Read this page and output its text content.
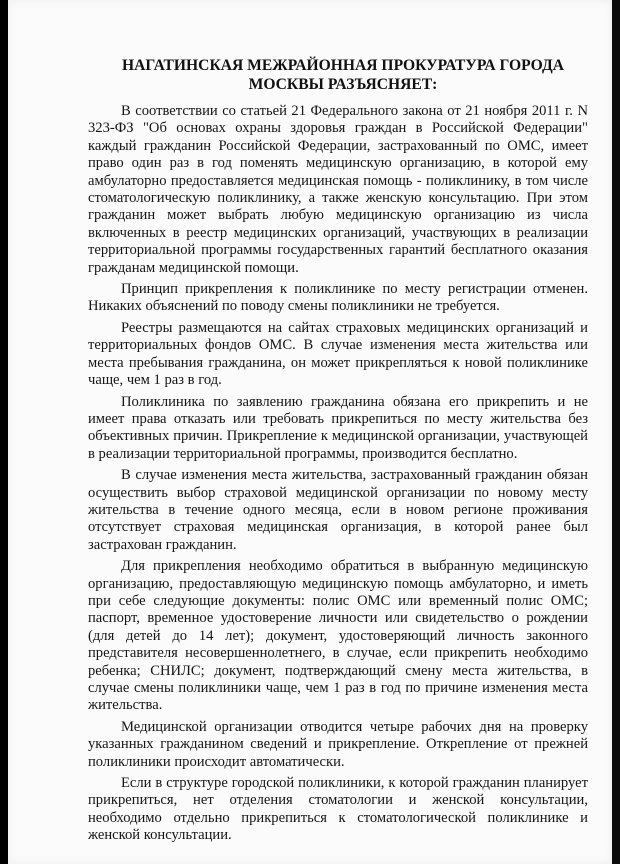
НАГАТИНСКАЯ МЕЖРАЙОННАЯ ПРОКУРАТУРА ГОРОДА МОСКВЫ РАЗЪЯСНЯЕТ:

В соответствии со статьей 21 Федерального закона от 21 ноября 2011 г. N 323-ФЗ "Об основах охраны здоровья граждан в Российской Федерации" каждый гражданин Российской Федерации, застрахованный по ОМС, имеет право один раз в год поменять медицинскую организацию, в которой ему амбулаторно предоставляется медицинская помощь - поликлинику, в том числе стоматологическую поликлинику, а также женскую консультацию. При этом гражданин может выбрать любую медицинскую организацию из числа включенных в реестр медицинских организаций, участвующих в реализации территориальной программы государственных гарантий бесплатного оказания гражданам медицинской помощи.

Принцип прикрепления к поликлинике по месту регистрации отменен. Никаких объяснений по поводу смены поликлиники не требуется.

Реестры размещаются на сайтах страховых медицинских организаций и территориальных фондов ОМС. В случае изменения места жительства или места пребывания гражданина, он может прикрепляться к новой поликлинике чаще, чем 1 раз в год.

Поликлиника по заявлению гражданина обязана его прикрепить и не имеет права отказать или требовать прикрепиться по месту жительства без объективных причин. Прикрепление к медицинской организации, участвующей в реализации территориальной программы, производится бесплатно.

В случае изменения места жительства, застрахованный гражданин обязан осуществить выбор страховой медицинской организации по новому месту жительства в течение одного месяца, если в новом регионе проживания отсутствует страховая медицинская организация, в которой ранее был застрахован гражданин.

Для прикрепления необходимо обратиться в выбранную медицинскую организацию, предоставляющую медицинскую помощь амбулаторно, и иметь при себе следующие документы: полис ОМС или временный полис ОМС; паспорт, временное удостоверение личности или свидетельство о рождении (для детей до 14 лет); документ, удостоверяющий личность законного представителя несовершеннолетнего, в случае, если прикрепить необходимо ребенка; СНИЛС; документ, подтверждающий смену места жительства, в случае смены поликлиники чаще, чем 1 раз в год по причине изменения места жительства.

Медицинской организации отводится четыре рабочих дня на проверку указанных гражданином сведений и прикрепление. Открепление от прежней поликлиники происходит автоматически.

Если в структуре городской поликлиники, к которой гражданин планирует прикрепиться, нет отделения стоматологии и женской консультации, необходимо отдельно прикрепиться к стоматологической поликлинике и женской консультации.
